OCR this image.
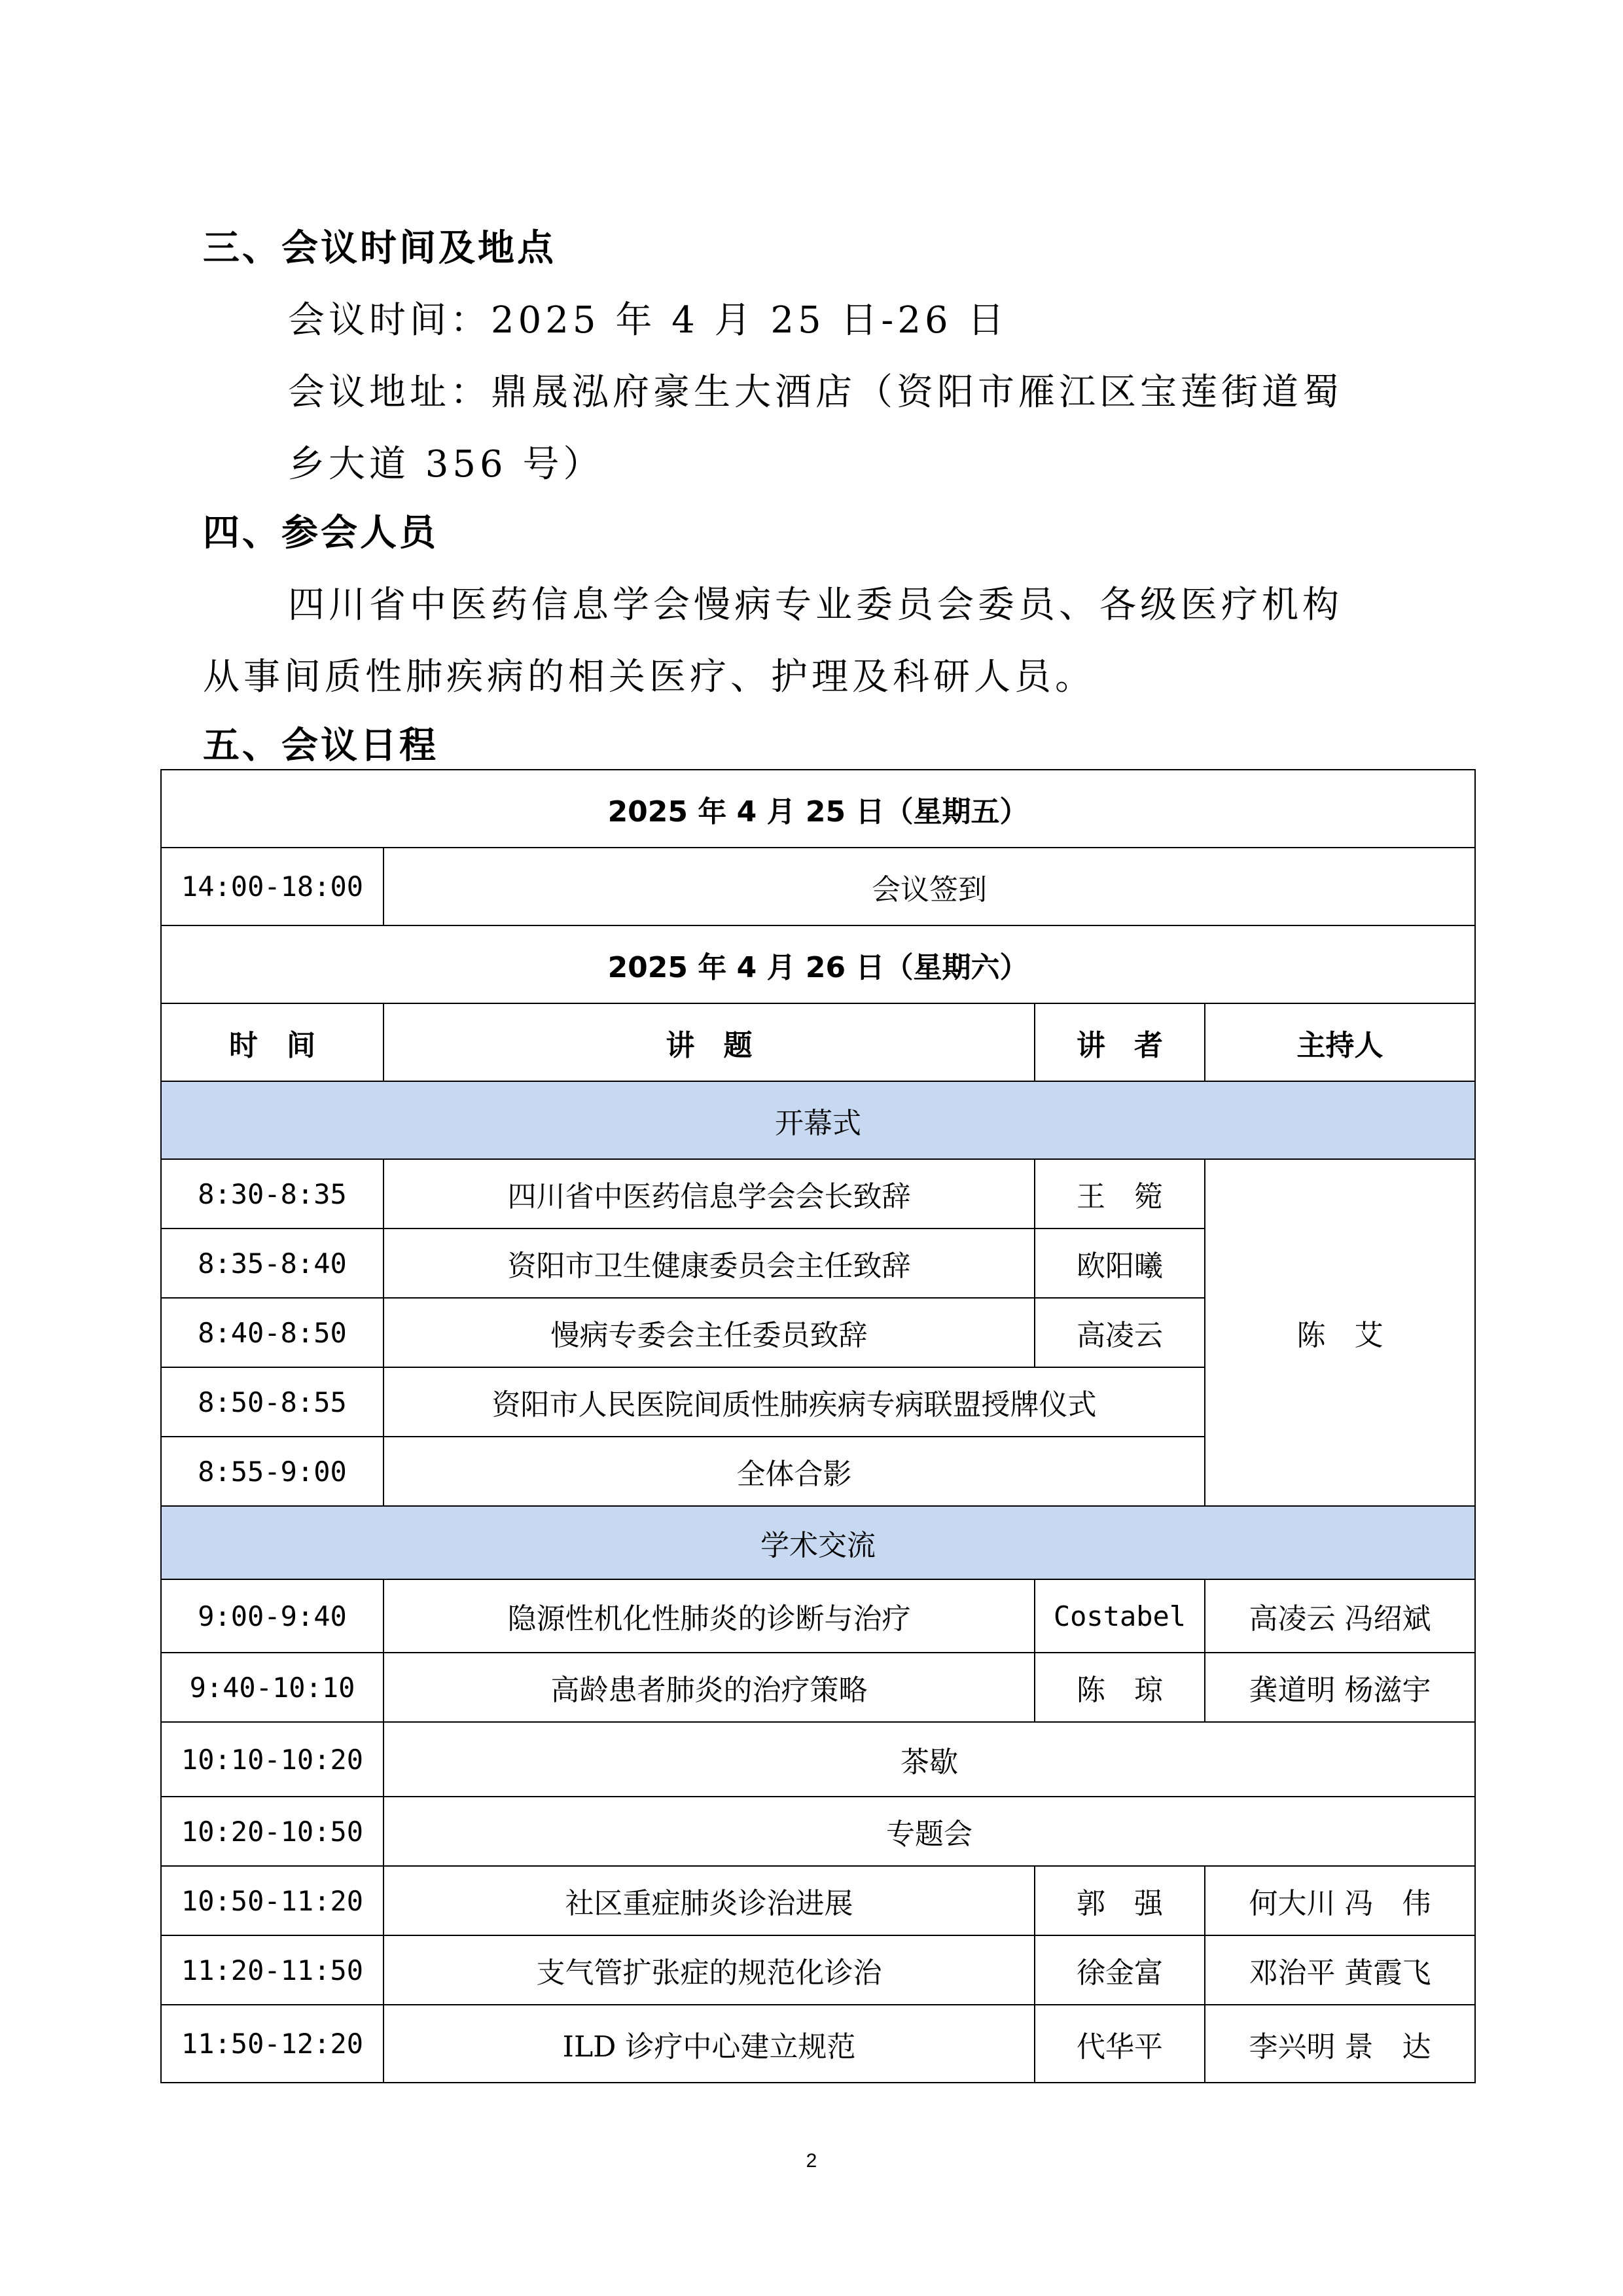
三、会议时间及地点
会议时间：2025 年 4 月 25 日-26 日
会议地址：鼎晟泓府豪生大酒店（资阳市雁江区宝莲街道蜀
乡大道 356 号）
四、参会人员
四川省中医药信息学会慢病专业委员会委员、各级医疗机构
从事间质性肺疾病的相关医疗、护理及科研人员。
五、会议日程
2025 年 4 月 25 日（星期五）			
14:00-18:00	会议签到		
2025 年 4 月 26 日（星期六）			
时　间	讲　题	讲　者	主持人
开幕式			
8:30-8:35	四川省中医药信息学会会长致辞	王　箢	陈　艾
8:35-8:40	资阳市卫生健康委员会主任致辞	欧阳曦	
8:40-8:50	慢病专委会主任委员致辞	高凌云	
8:50-8:55	资阳市人民医院间质性肺疾病专病联盟授牌仪式		
8:55-9:00	全体合影		
学术交流			
9:00-9:40	隐源性机化性肺炎的诊断与治疗	Costabel	高凌云 冯绍斌
9:40-10:10	高龄患者肺炎的治疗策略	陈　琼	龚道明 杨滋宇
10:10-10:20	茶歇		
10:20-10:50	专题会		
10:50-11:20	社区重症肺炎诊治进展	郭　强	何大川 冯　伟
11:20-11:50	支气管扩张症的规范化诊治	徐金富	邓治平 黄霞飞
11:50-12:20	ILD 诊疗中心建立规范	代华平	李兴明 景　达
2
